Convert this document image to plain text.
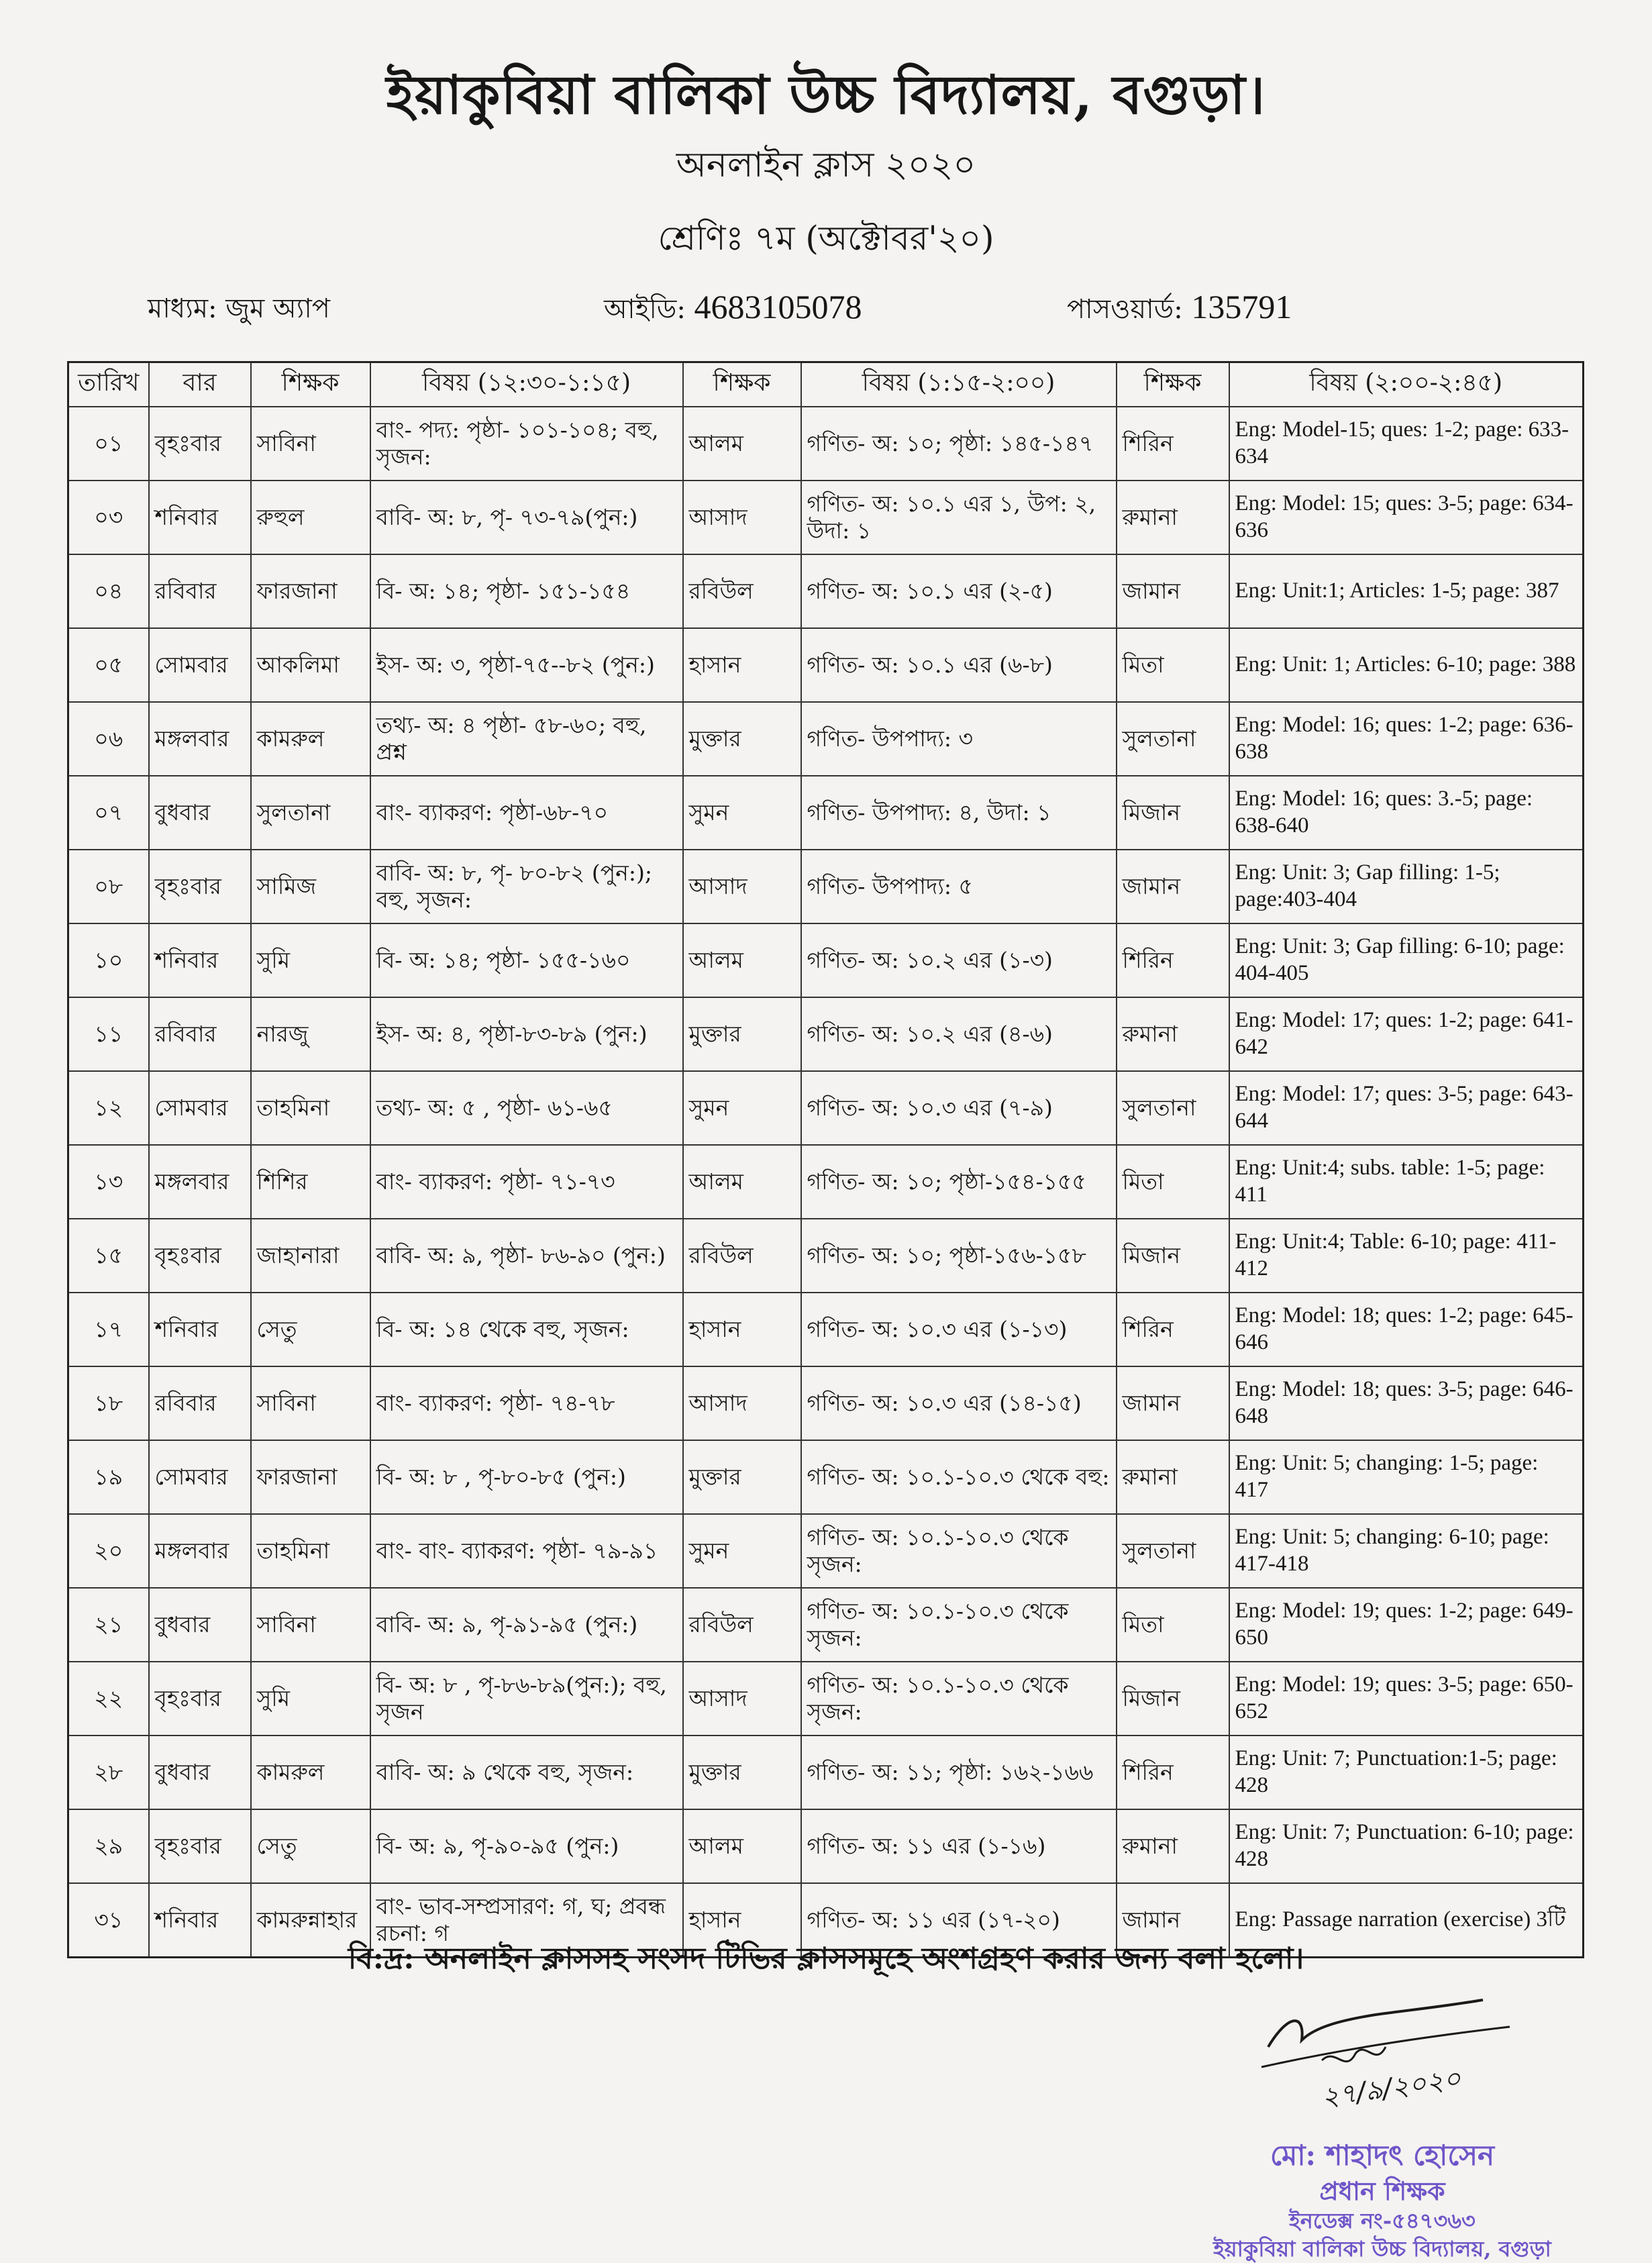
ইয়াকুবিয়া বালিকা উচ্চ বিদ্যালয়, বগুড়া।
অনলাইন ক্লাস ২০২০
শ্রেণিঃ ৭ম (অক্টোবর'২০)
মাধ্যম: জুম অ্যাপ	আইডি: 4683105078	পাসওয়ার্ড: 135791
তারিখ	বার	শিক্ষক	বিষয় (১২:৩০-১:১৫)	শিক্ষক	বিষয় (১:১৫-২:০০)	শিক্ষক	বিষয় (২:০০-২:৪৫)
০১	বৃহঃবার	সাবিনা	বাং- পদ্য: পৃষ্ঠা- ১০১-১০৪; বহু, সৃজন:	আলম	গণিত- অ: ১০; পৃষ্ঠা: ১৪৫-১৪৭	শিরিন	Eng: Model-15; ques: 1-2; page: 633-634
০৩	শনিবার	রুহুল	বাবি- অ: ৮, পৃ- ৭৩-৭৯(পুন:)	আসাদ	গণিত- অ: ১০.১ এর ১, উপ: ২, উদা: ১	রুমানা	Eng: Model: 15; ques: 3-5; page: 634-636
০৪	রবিবার	ফারজানা	বি- অ: ১৪; পৃষ্ঠা- ১৫১-১৫৪	রবিউল	গণিত- অ: ১০.১ এর (২-৫)	জামান	Eng: Unit:1; Articles: 1-5; page: 387
০৫	সোমবার	আকলিমা	ইস- অ: ৩, পৃষ্ঠা-৭৫--৮২ (পুন:)	হাসান	গণিত- অ: ১০.১ এর (৬-৮)	মিতা	Eng: Unit: 1; Articles: 6-10; page: 388
০৬	মঙ্গলবার	কামরুল	তথ্য- অ: ৪ পৃষ্ঠা- ৫৮-৬০; বহু, প্রশ্ন	মুক্তার	গণিত- উপপাদ্য: ৩	সুলতানা	Eng: Model: 16; ques: 1-2; page: 636-638
০৭	বুধবার	সুলতানা	বাং- ব্যাকরণ: পৃষ্ঠা-৬৮-৭০	সুমন	গণিত- উপপাদ্য: ৪, উদা: ১	মিজান	Eng: Model: 16; ques: 3.-5; page: 638-640
০৮	বৃহঃবার	সামিজ	বাবি- অ: ৮, পৃ- ৮০-৮২ (পুন:); বহু, সৃজন:	আসাদ	গণিত- উপপাদ্য: ৫	জামান	Eng: Unit: 3; Gap filling: 1-5; page:403-404
১০	শনিবার	সুমি	বি- অ: ১৪; পৃষ্ঠা- ১৫৫-১৬০	আলম	গণিত- অ: ১০.২ এর (১-৩)	শিরিন	Eng: Unit: 3; Gap filling: 6-10; page: 404-405
১১	রবিবার	নারজু	ইস- অ: ৪, পৃষ্ঠা-৮৩-৮৯ (পুন:)	মুক্তার	গণিত- অ: ১০.২ এর (৪-৬)	রুমানা	Eng: Model: 17; ques: 1-2; page: 641-642
১২	সোমবার	তাহমিনা	তথ্য- অ: ৫ , পৃষ্ঠা- ৬১-৬৫	সুমন	গণিত- অ: ১০.৩ এর (৭-৯)	সুলতানা	Eng: Model: 17; ques: 3-5; page: 643-644
১৩	মঙ্গলবার	শিশির	বাং- ব্যাকরণ: পৃষ্ঠা- ৭১-৭৩	আলম	গণিত- অ: ১০; পৃষ্ঠা-১৫৪-১৫৫	মিতা	Eng: Unit:4; subs. table: 1-5; page: 411
১৫	বৃহঃবার	জাহানারা	বাবি- অ: ৯, পৃষ্ঠা- ৮৬-৯০ (পুন:)	রবিউল	গণিত- অ: ১০; পৃষ্ঠা-১৫৬-১৫৮	মিজান	Eng: Unit:4; Table: 6-10; page: 411-412
১৭	শনিবার	সেতু	বি- অ: ১৪ থেকে বহু, সৃজন:	হাসান	গণিত- অ: ১০.৩ এর (১-১৩)	শিরিন	Eng: Model: 18; ques: 1-2; page: 645-646
১৮	রবিবার	সাবিনা	বাং- ব্যাকরণ: পৃষ্ঠা- ৭৪-৭৮	আসাদ	গণিত- অ: ১০.৩ এর (১৪-১৫)	জামান	Eng: Model: 18; ques: 3-5; page: 646-648
১৯	সোমবার	ফারজানা	বি- অ: ৮ , পৃ-৮০-৮৫ (পুন:)	মুক্তার	গণিত- অ: ১০.১-১০.৩ থেকে বহু:	রুমানা	Eng: Unit: 5; changing: 1-5; page: 417
২০	মঙ্গলবার	তাহমিনা	বাং- বাং- ব্যাকরণ: পৃষ্ঠা- ৭৯-৯১	সুমন	গণিত- অ: ১০.১-১০.৩ থেকে সৃজন:	সুলতানা	Eng: Unit: 5; changing: 6-10; page: 417-418
২১	বুধবার	সাবিনা	বাবি- অ: ৯, পৃ-৯১-৯৫ (পুন:)	রবিউল	গণিত- অ: ১০.১-১০.৩ থেকে সৃজন:	মিতা	Eng: Model: 19; ques: 1-2; page: 649-650
২২	বৃহঃবার	সুমি	বি- অ: ৮ , পৃ-৮৬-৮৯(পুন:); বহু, সৃজন	আসাদ	গণিত- অ: ১০.১-১০.৩ থেকে সৃজন:	মিজান	Eng: Model: 19; ques: 3-5; page: 650-652
২৮	বুধবার	কামরুল	বাবি- অ: ৯ থেকে বহু, সৃজন:	মুক্তার	গণিত- অ: ১১; পৃষ্ঠা: ১৬২-১৬৬	শিরিন	Eng: Unit: 7; Punctuation:1-5; page: 428
২৯	বৃহঃবার	সেতু	বি- অ: ৯, পৃ-৯০-৯৫ (পুন:)	আলম	গণিত- অ: ১১ এর (১-১৬)	রুমানা	Eng: Unit: 7; Punctuation: 6-10; page: 428
৩১	শনিবার	কামরুন্নাহার	বাং- ভাব-সম্প্রসারণ: গ, ঘ; প্রবন্ধ রচনা: গ	হাসান	গণিত- অ: ১১ এর (১৭-২০)	জামান	Eng: Passage narration (exercise) 3টি
বি:দ্র: অনলাইন ক্লাসসহ সংসদ টিভির ক্লাসসমূহে অংশগ্রহণ করার জন্য বলা হলো।
২৭/৯/২০২০
মো: শাহাদৎ হোসেন
প্রধান শিক্ষক
ইনডেক্স নং-৫৪৭৩৬৩
ইয়াকুবিয়া বালিকা উচ্চ বিদ্যালয়, বগুড়া
